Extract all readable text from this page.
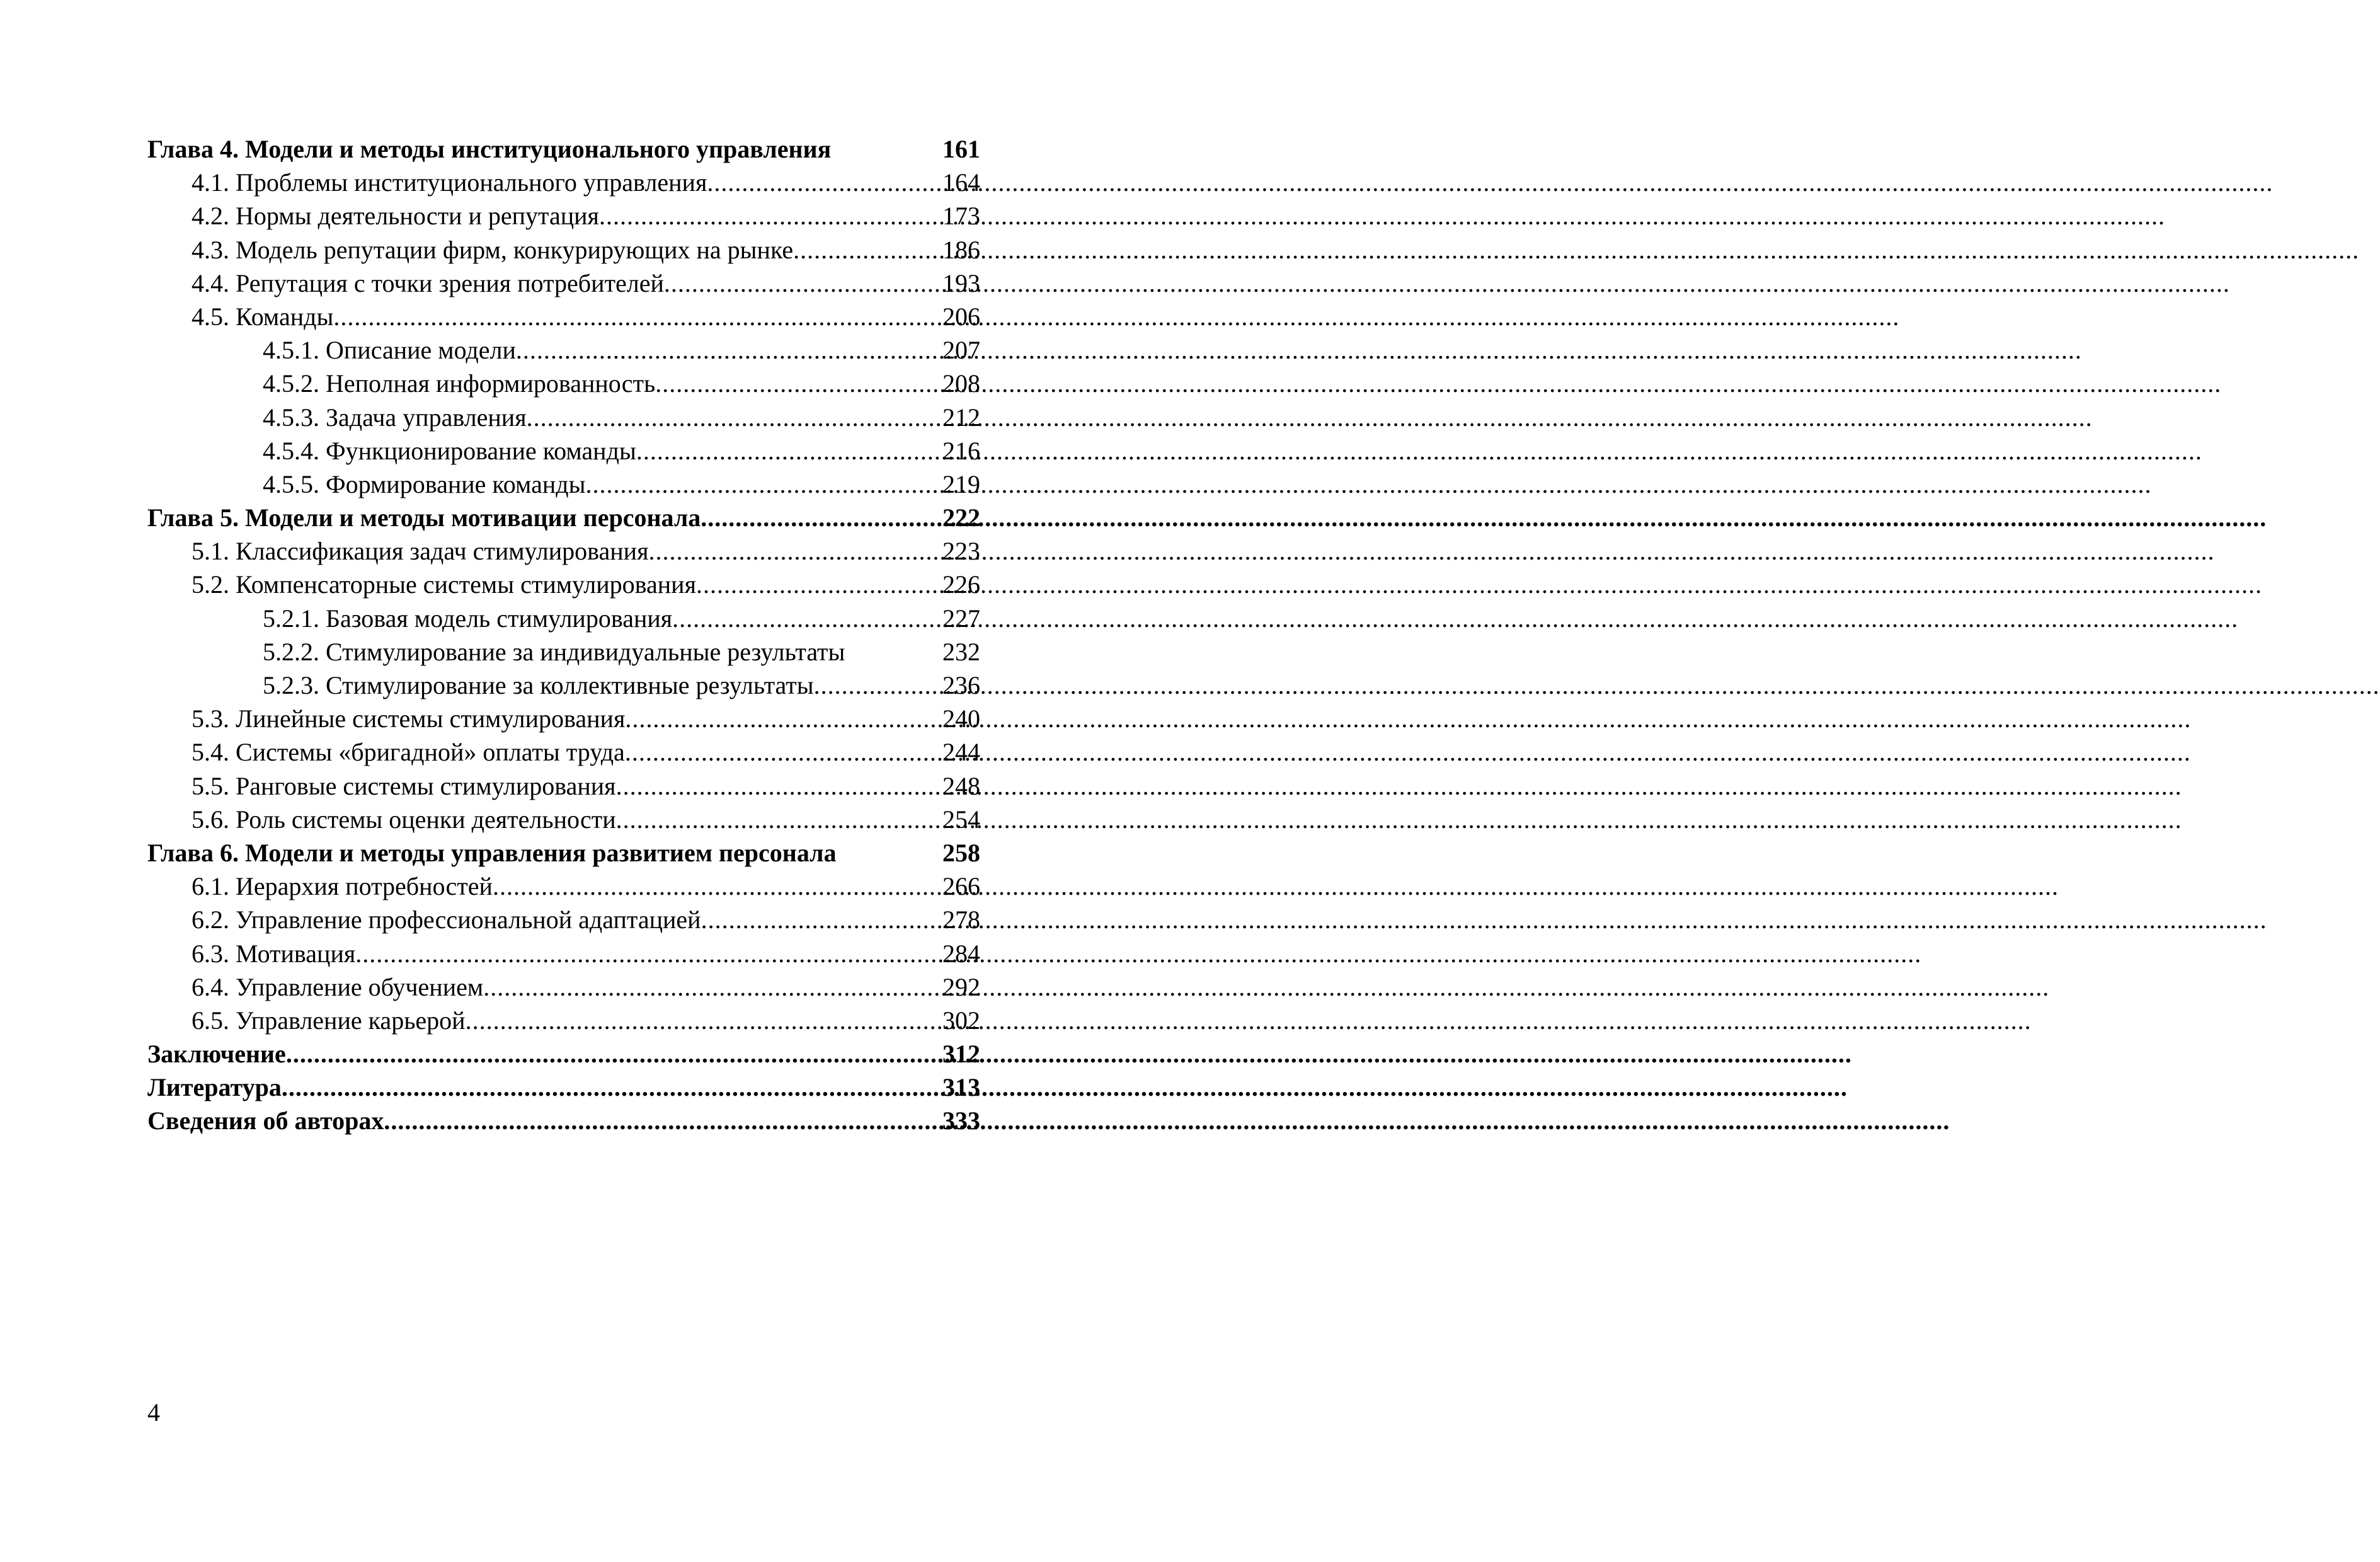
Глава 4. Модели и методы институционального управления	161
4.1. Проблемы институционального управления .....	164
4.2. Нормы деятельности и репутация .....	173
4.3. Модель репутации фирм, конкурирующих на рынке .....	186
4.4. Репутация с точки зрения потребителей .....	193
4.5. Команды .....	206
4.5.1. Описание модели .....	207
4.5.2. Неполная информированность .....	208
4.5.3. Задача управления .....	212
4.5.4. Функционирование команды .....	216
4.5.5. Формирование команды .....	219
Глава 5. Модели и методы мотивации персонала .....	222
5.1. Классификация задач стимулирования .....	223
5.2. Компенсаторные системы стимулирования .....	226
5.2.1. Базовая модель стимулирования .....	227
5.2.2. Стимулирование за индивидуальные результаты	232
5.2.3. Стимулирование за коллективные результаты .....	236
5.3. Линейные системы стимулирования .....	240
5.4. Системы «бригадной» оплаты труда .....	244
5.5. Ранговые системы стимулирования .....	248
5.6. Роль системы оценки деятельности .....	254
Глава 6. Модели и методы управления развитием персонала	258
6.1. Иерархия потребностей .....	266
6.2. Управление профессиональной адаптацией .....	278
6.3. Мотивация .....	284
6.4. Управление обучением .....	292
6.5. Управление карьерой .....	302
Заключение .....	312
Литература .....	313
Сведения об авторах .....	333
4
